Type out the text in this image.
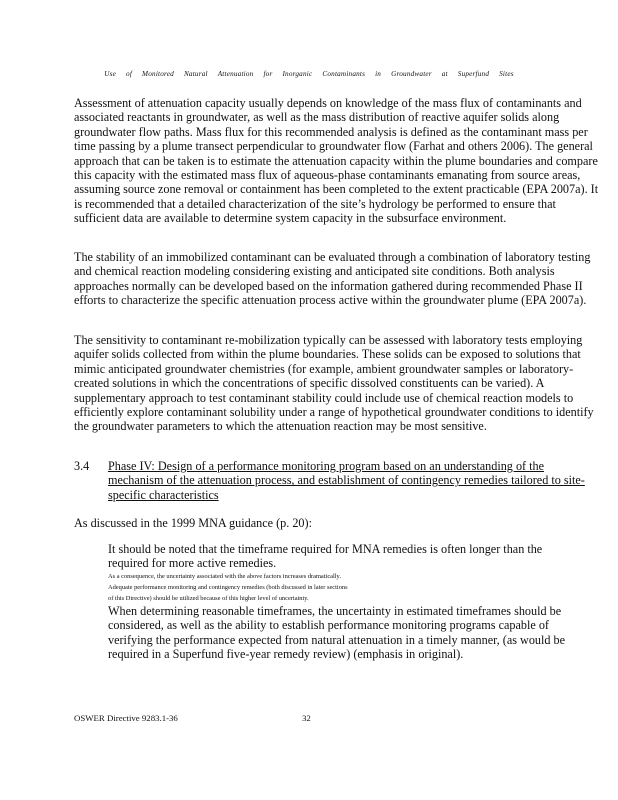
Use of Monitored Natural Attenuation for Inorganic Contaminants in Groundwater at Superfund Sites

Assessment of attenuation capacity usually depends on knowledge of the mass flux of contaminants and associated reactants in groundwater, as well as the mass distribution of reactive aquifer solids along groundwater flow paths. Mass flux for this recommended analysis is defined as the contaminant mass per time passing by a plume transect perpendicular to groundwater flow (Farhat and others 2006). The general approach that can be taken is to estimate the attenuation capacity within the plume boundaries and compare this capacity with the estimated mass flux of aqueous-phase contaminants emanating from source areas, assuming source zone removal or containment has been completed to the extent practicable (EPA 2007a). It is recommended that a detailed characterization of the site’s hydrology be performed to ensure that sufficient data are available to determine system capacity in the subsurface environment.

The stability of an immobilized contaminant can be evaluated through a combination of laboratory testing and chemical reaction modeling considering existing and anticipated site conditions. Both analysis approaches normally can be developed based on the information gathered during recommended Phase II efforts to characterize the specific attenuation process active within the groundwater plume (EPA 2007a).

The sensitivity to contaminant re-mobilization typically can be assessed with laboratory tests employing aquifer solids collected from within the plume boundaries. These solids can be exposed to solutions that mimic anticipated groundwater chemistries (for example, ambient groundwater samples or laboratory-created solutions in which the concentrations of specific dissolved constituents can be varied). A supplementary approach to test contaminant stability could include use of chemical reaction models to efficiently explore contaminant solubility under a range of hypothetical groundwater conditions to identify the groundwater parameters to which the attenuation reaction may be most sensitive.

3.4 Phase IV: Design of a performance monitoring program based on an understanding of the mechanism of the attenuation process, and establishment of contingency remedies tailored to site-specific characteristics

As discussed in the 1999 MNA guidance (p. 20):

It should be noted that the timeframe required for MNA remedies is often longer than the required for more active remedies.

As a consequence, the uncertainty associated with the above factors increases dramatically. Adequate performance monitoring and contingency remedies (both discussed in later sections of this Directive) should be utilized because of this higher level of uncertainty.

When determining reasonable timeframes, the uncertainty in estimated timeframes should be considered, as well as the ability to establish performance monitoring programs capable of verifying the performance expected from natural attenuation in a timely manner, (as would be required in a Superfund five-year remedy review) (emphasis in original).

OSWER Directive 9283.1-36	32
